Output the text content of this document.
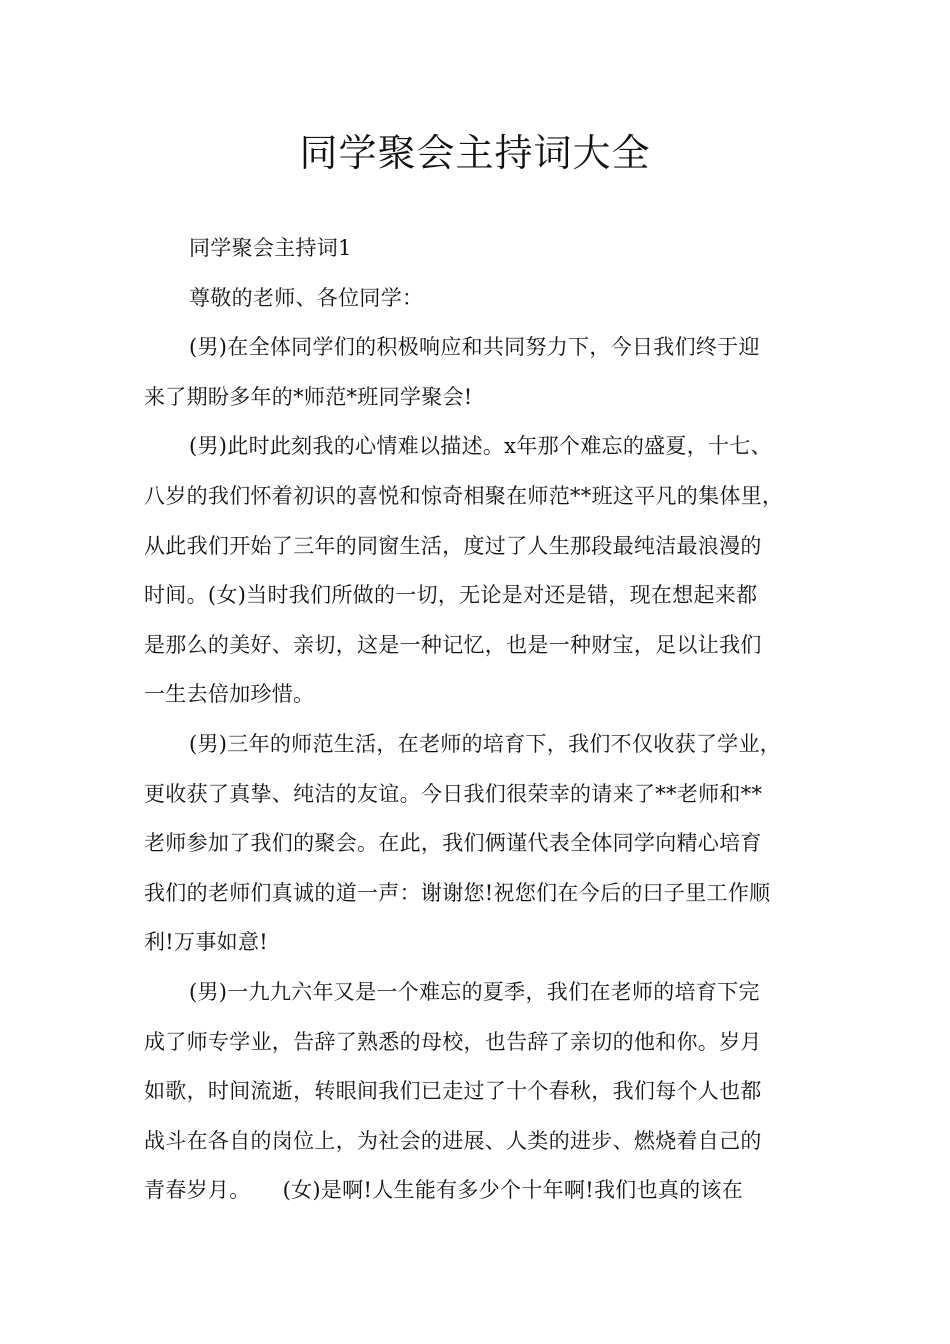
同学聚会主持词大全

同学聚会主持词1

尊敬的老师、各位同学：

(男)在全体同学们的积极响应和共同努力下，今日我们终于迎

来了期盼多年的*师范*班同学聚会!

(男)此时此刻我的心情难以描述。x年那个难忘的盛夏，十七、

八岁的我们怀着初识的喜悦和惊奇相聚在师范**班这平凡的集体里，

从此我们开始了三年的同窗生活，度过了人生那段最纯洁最浪漫的

时间。(女)当时我们所做的一切，无论是对还是错，现在想起来都

是那么的美好、亲切，这是一种记忆，也是一种财宝，足以让我们

一生去倍加珍惜。

(男)三年的师范生活，在老师的培育下，我们不仅收获了学业，

更收获了真挚、纯洁的友谊。今日我们很荣幸的请来了**老师和**

老师参加了我们的聚会。在此，我们俩谨代表全体同学向精心培育

我们的老师们真诚的道一声：谢谢您!祝您们在今后的曰子里工作顺

利!万事如意!

(男)一九九六年又是一个难忘的夏季，我们在老师的培育下完

成了师专学业，告辞了熟悉的母校，也告辞了亲切的他和你。岁月

如歌，时间流逝，转眼间我们已走过了十个春秋，我们每个人也都

战斗在各自的岗位上，为社会的进展、人类的进步、燃烧着自己的

青春岁月。　　(女)是啊!人生能有多少个十年啊!我们也真的该在
